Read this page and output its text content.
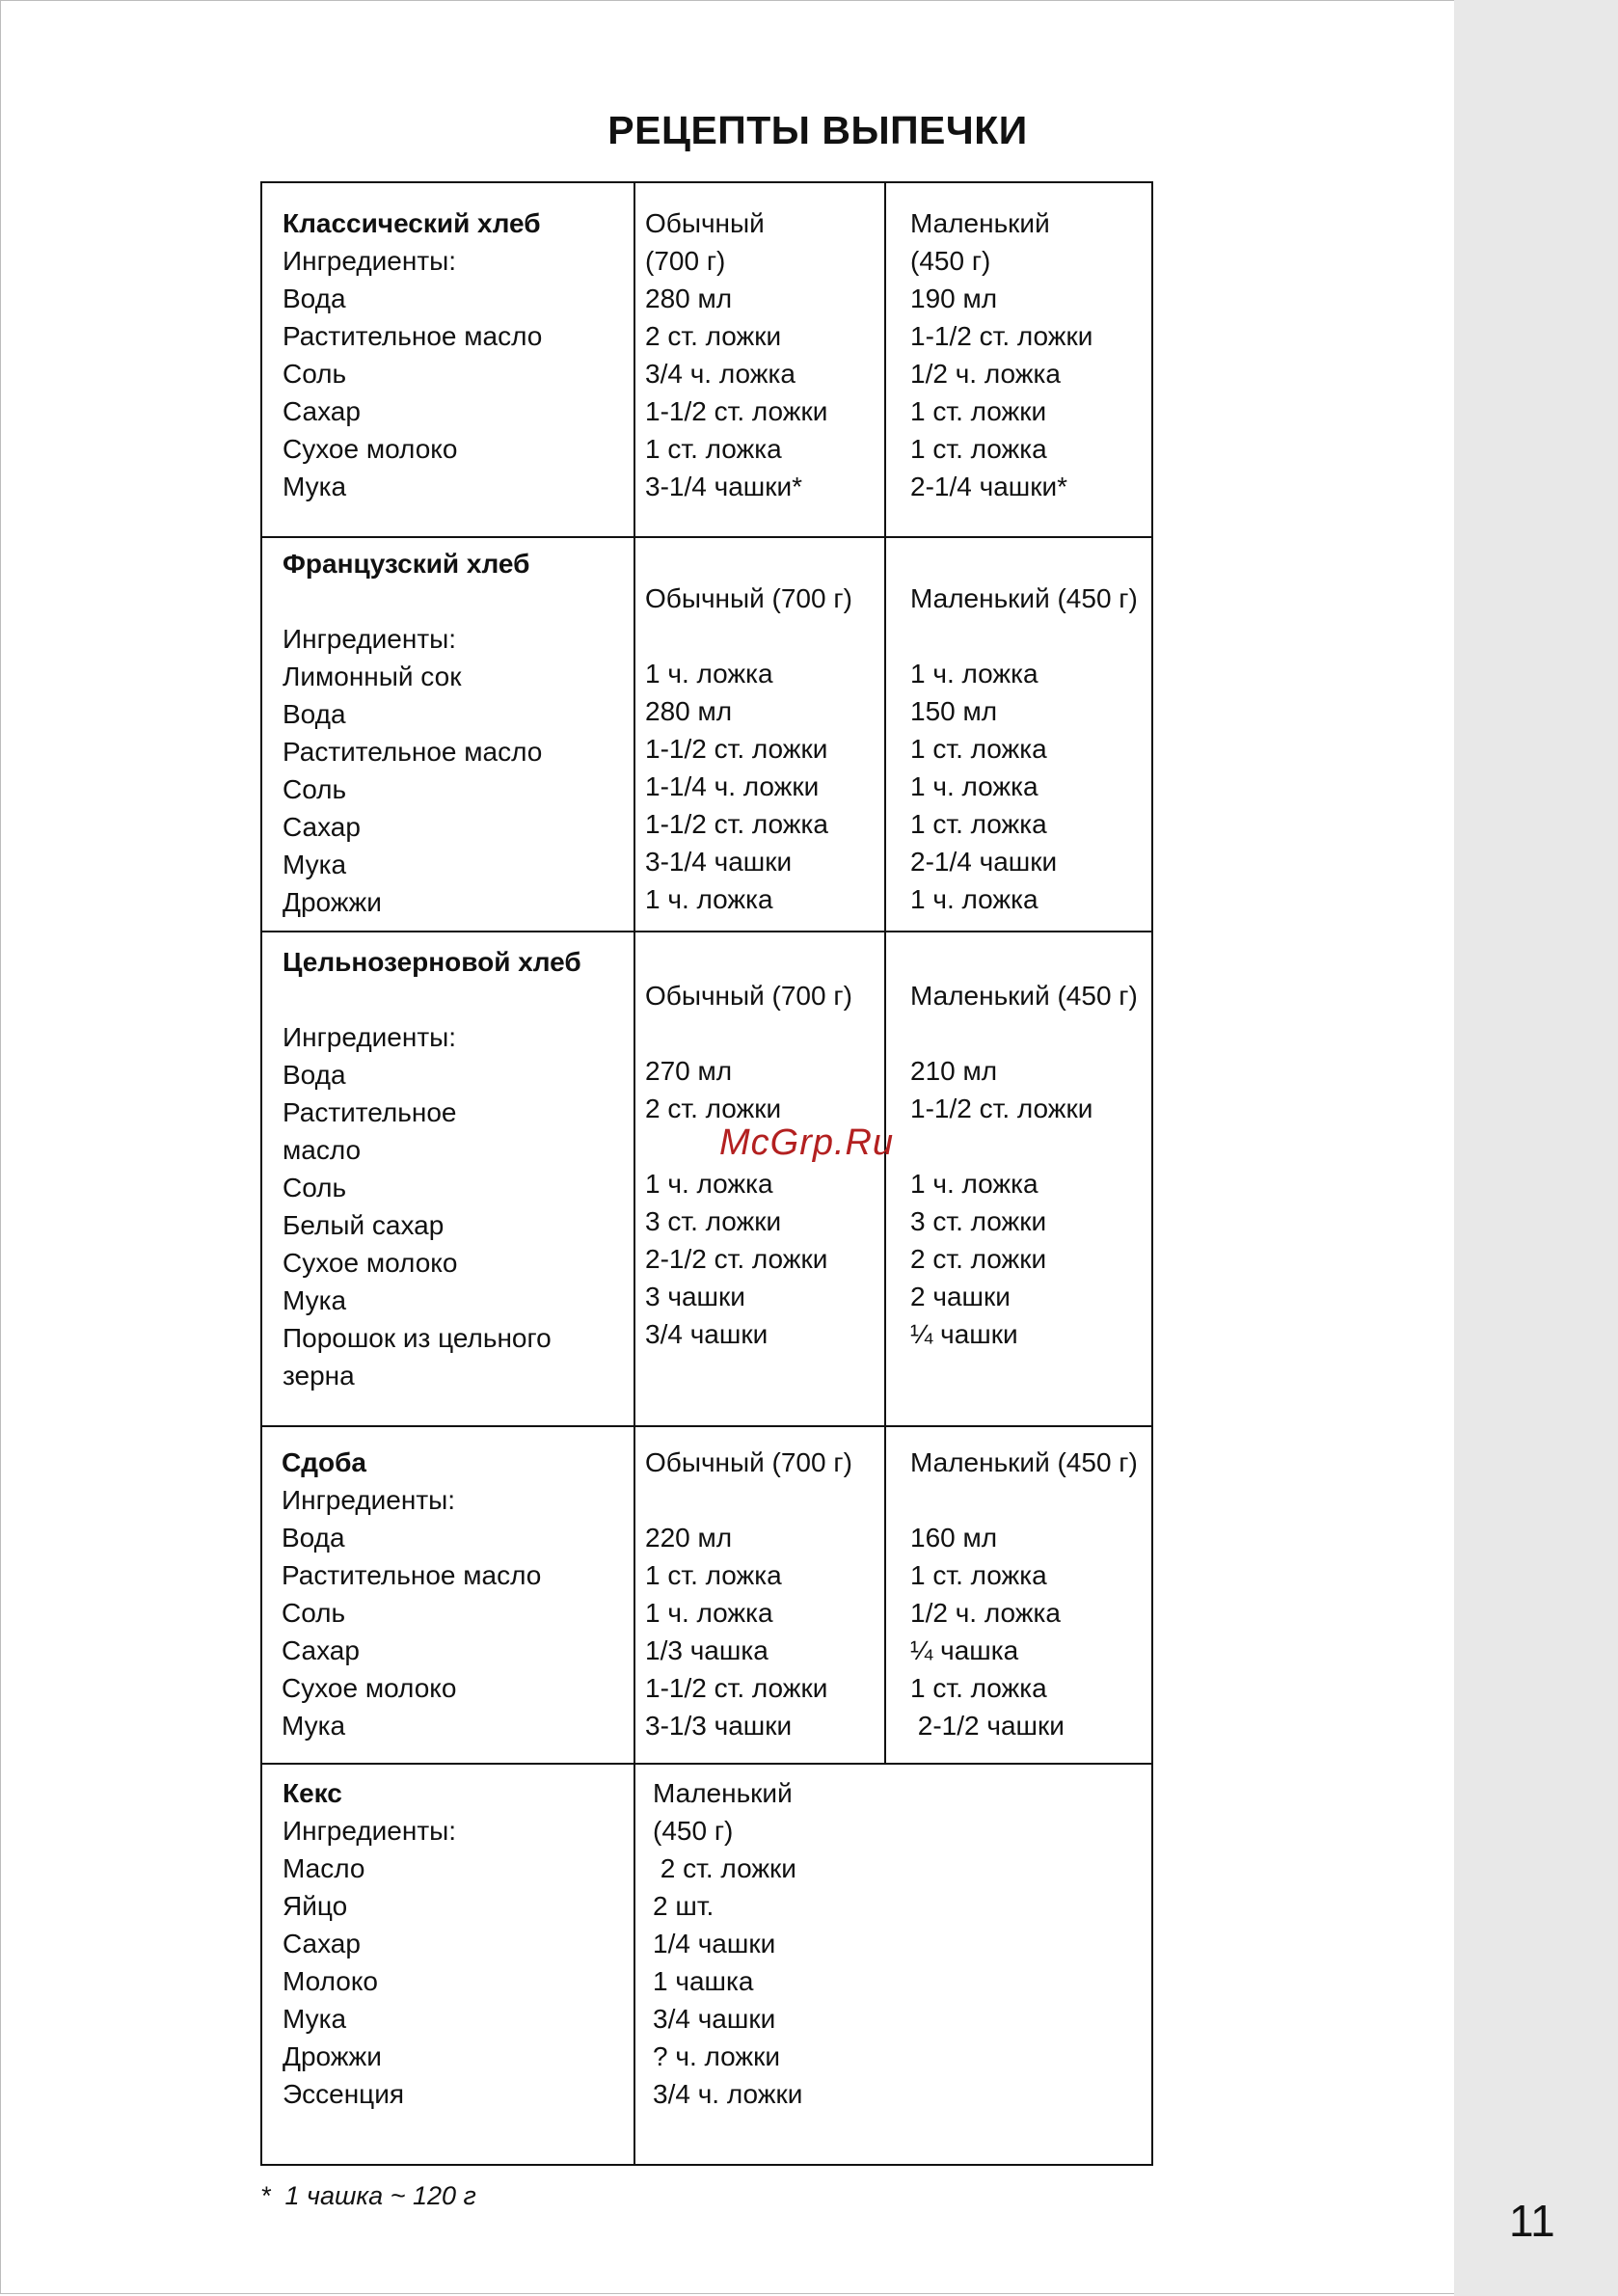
11
РЕЦЕПТЫ ВЫПЕЧКИ
Классический хлеб
Ингредиенты:
Вода
Растительное масло
Соль
Сахар
Сухое молоко
Мука
Обычный
(700 г)
280 мл
2 ст. ложки
3/4 ч. ложка
1-1/2 ст. ложки
1 ст. ложка
3-1/4 чашки*
Маленький
(450 г)
190 мл
1-1/2 ст. ложки
1/2 ч. ложка
1 ст. ложки
1 ст. ложка
2-1/4 чашки*
Французский хлеб
Ингредиенты:
Лимонный сок
Вода
Растительное масло
Соль
Сахар
Мука
Дрожжи
Обычный (700 г)
1 ч. ложка
280 мл
1-1/2 ст. ложки
1-1/4 ч. ложки
1-1/2 ст. ложка
3-1/4 чашки
1 ч. ложка
Маленький (450 г)
1 ч. ложка
150 мл
1 ст. ложка
1 ч. ложка
1 ст. ложка
2-1/4 чашки
1 ч. ложка
Цельнозерновой хлеб
Ингредиенты:
Вода
Растительное
масло
Соль
Белый сахар
Сухое молоко
Мука
Порошок из цельного
зерна
Обычный (700 г)
270 мл
2 ст. ложки
1 ч. ложка
3 ст. ложки
2-1/2 ст. ложки
3 чашки
3/4 чашки
Маленький (450 г)
210 мл
1-1/2 ст. ложки
1 ч. ложка
3 ст. ложки
2 ст. ложки
2 чашки
¼ чашки
Сдоба
Ингредиенты:
Вода
Растительное масло
Соль
Сахар
Сухое молоко
Мука
Обычный (700 г)
220 мл
1 ст. ложка
1 ч. ложка
1/3 чашка
1-1/2 ст. ложки
3-1/3 чашки
Маленький (450 г)
160 мл
1 ст. ложка
1/2 ч. ложка
¼ чашка
1 ст. ложка
2-1/2 чашки
Кекс
Ингредиенты:
Масло
Яйцо
Сахар
Молоко
Мука
Дрожжи
Эссенция
Маленький
(450 г)
2 ст. ложки
2 шт.
1/4 чашки
1 чашка
3/4 чашки
? ч. ложки
3/4 ч. ложки
McGrp.Ru
*  1 чашка ~ 120 г
